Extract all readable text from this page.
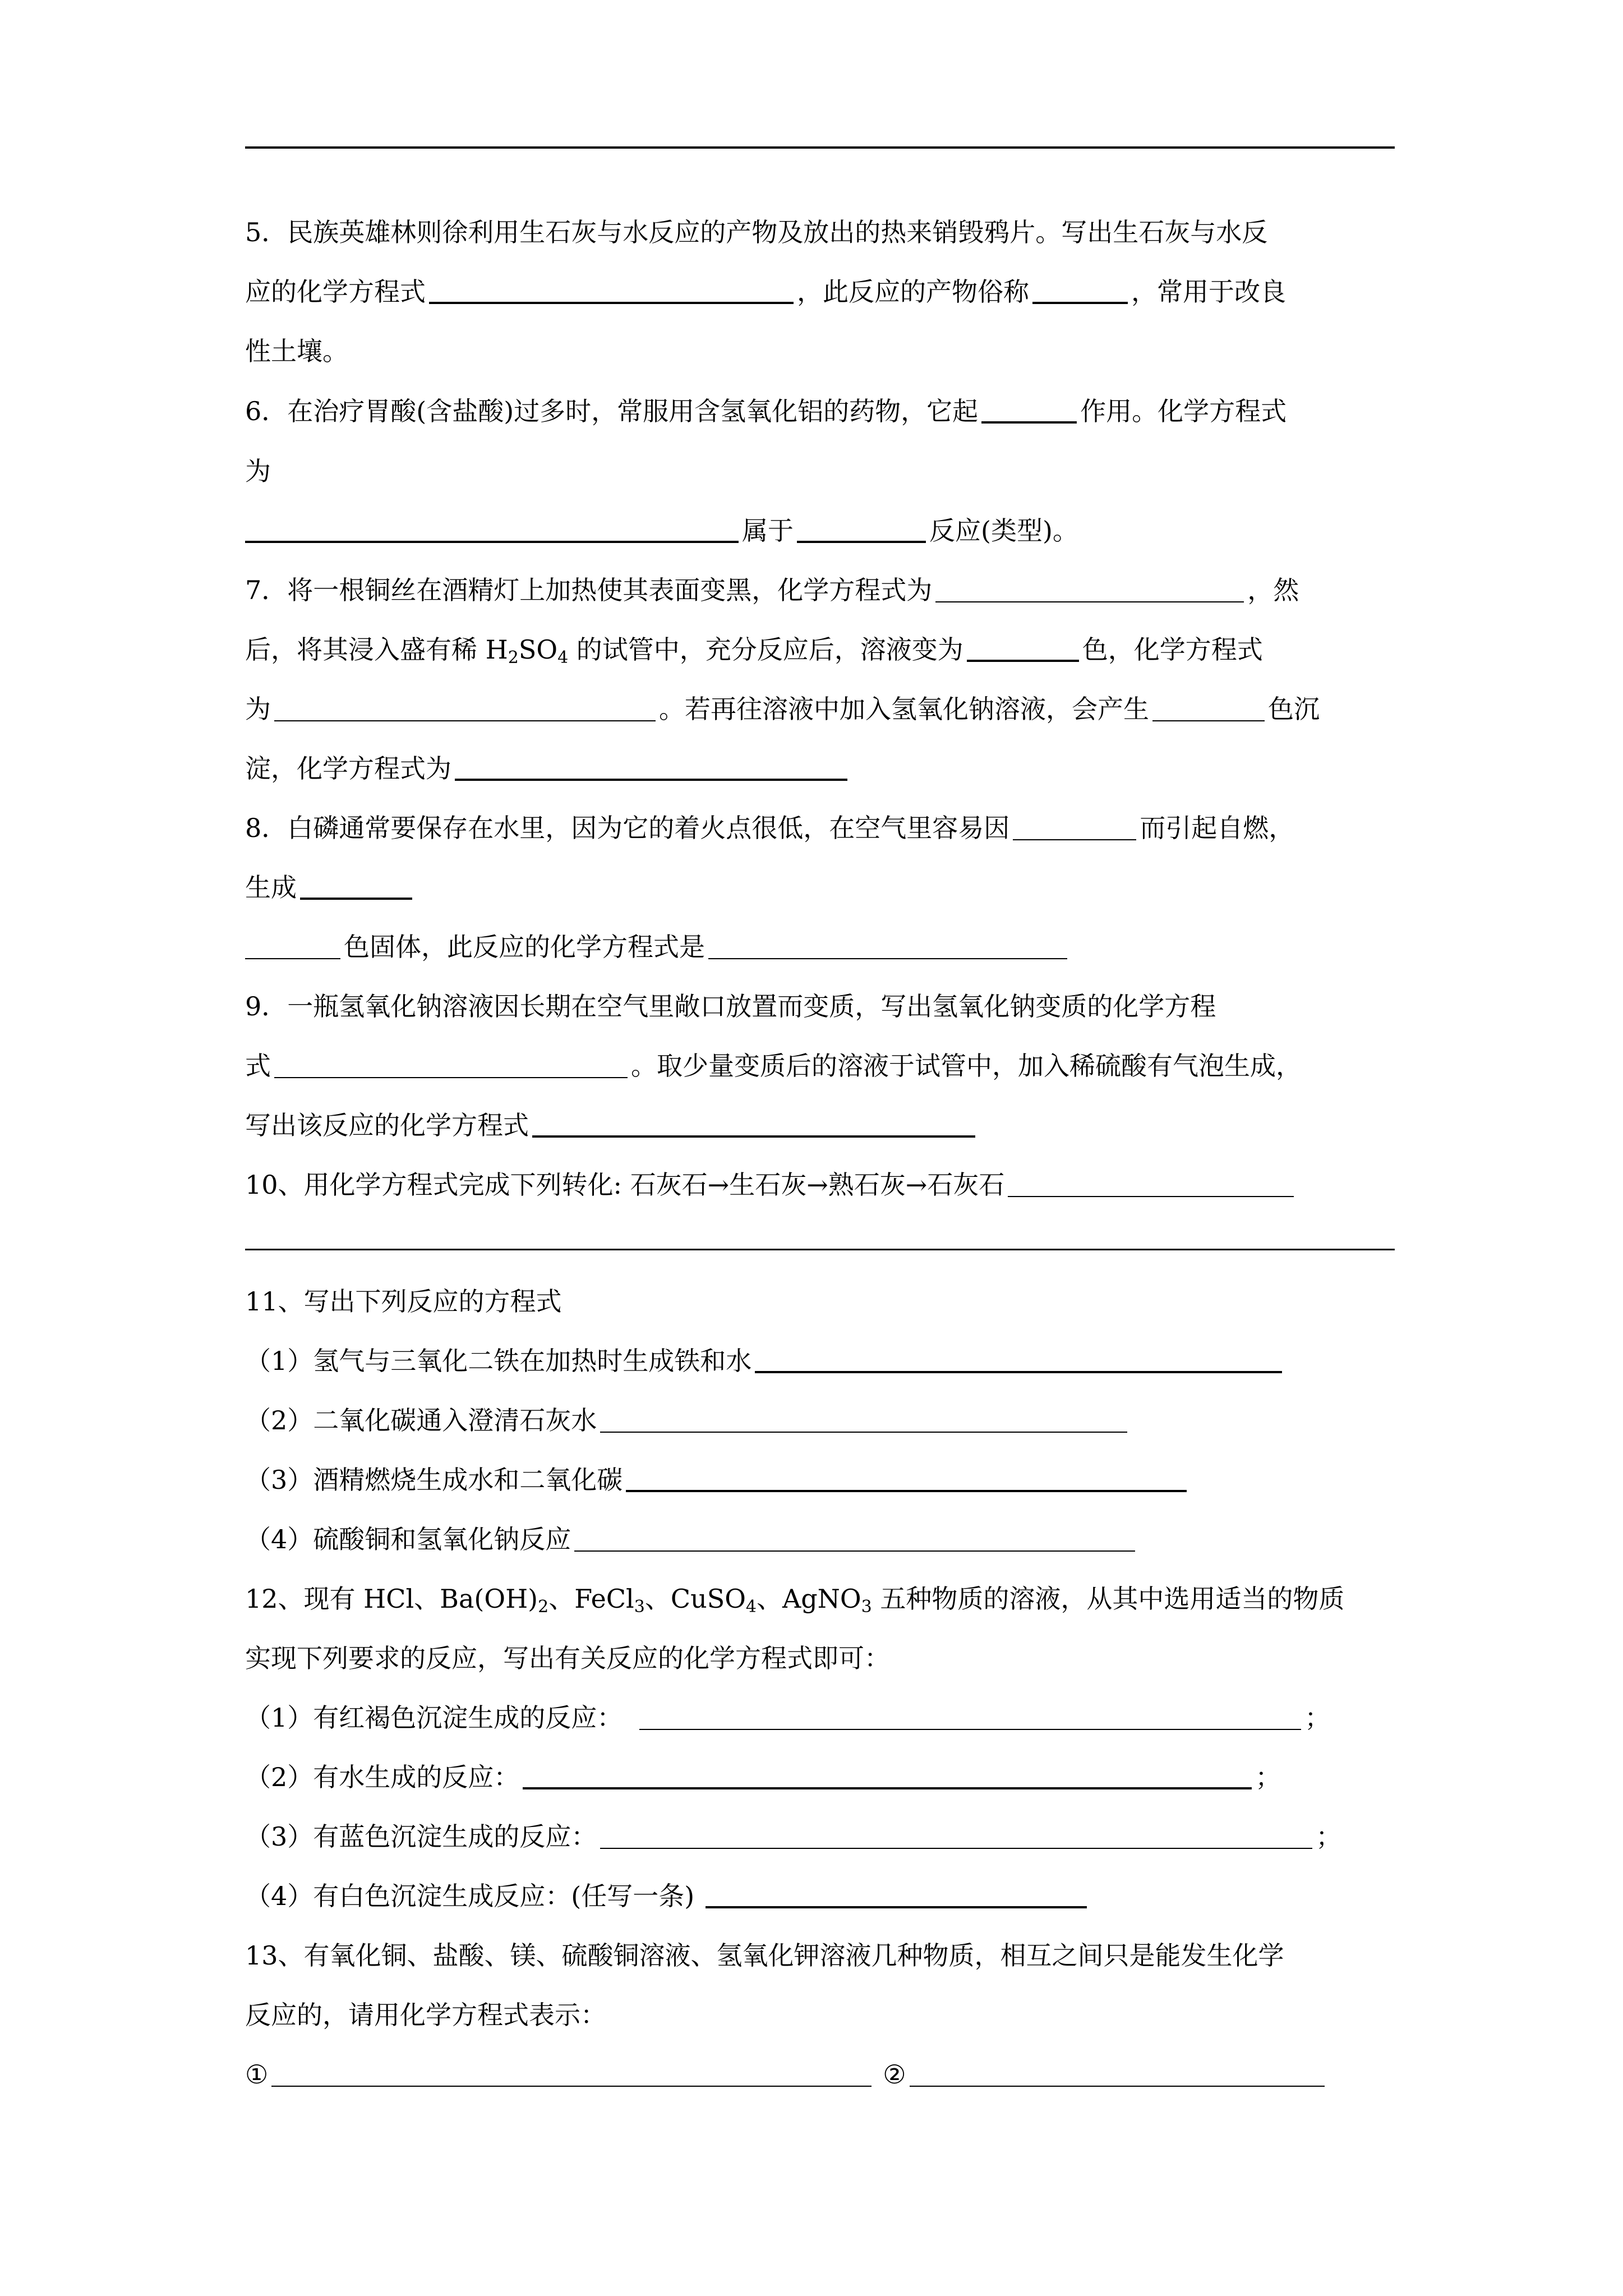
5．民族英雄林则徐利用生石灰与水反应的产物及放出的热来销毁鸦片。写出生石灰与水反
应的化学方程式	，此反应的产物俗称	，常用于改良
性土壤。
6．在治疗胃酸(含盐酸)过多时，常服用含氢氧化铝的药物，它起	作用。化学方程式
为
属于	反应(类型)。
7．将一根铜丝在酒精灯上加热使其表面变黑，化学方程式为	，然
后，将其浸入盛有稀 $H_2SO_4$ 的试管中，充分反应后，溶液变为	色，化学方程式
为	。若再往溶液中加入氢氧化钠溶液，会产生	色沉
淀，化学方程式为
8．白磷通常要保存在水里，因为它的着火点很低，在空气里容易因	而引起自燃，
生成
色固体，此反应的化学方程式是
9．一瓶氢氧化钠溶液因长期在空气里敞口放置而变质，写出氢氧化钠变质的化学方程
式	。取少量变质后的溶液于试管中，加入稀硫酸有气泡生成，
写出该反应的化学方程式
10、用化学方程式完成下列转化: 石灰石→生石灰→熟石灰→石灰石
11、写出下列反应的方程式
（1）氢气与三氧化二铁在加热时生成铁和水
（2）二氧化碳通入澄清石灰水
（3）酒精燃烧生成水和二氧化碳
（4）硫酸铜和氢氧化钠反应
12、现有 HCl、$Ba(OH)_2$、FeCl$_3$、CuSO$_4$、AgNO$_3$ 五种物质的溶液，从其中选用适当的物质
实现下列要求的反应，写出有关反应的化学方程式即可：
（1）有红褐色沉淀生成的反应：	；
（2）有水生成的反应：	；
（3）有蓝色沉淀生成的反应：	；
（4）有白色沉淀生成反应：(任写一条)
13、有氧化铜、盐酸、镁、硫酸铜溶液、氢氧化钾溶液几种物质，相互之间只是能发生化学
反应的，请用化学方程式表示：
①	②
